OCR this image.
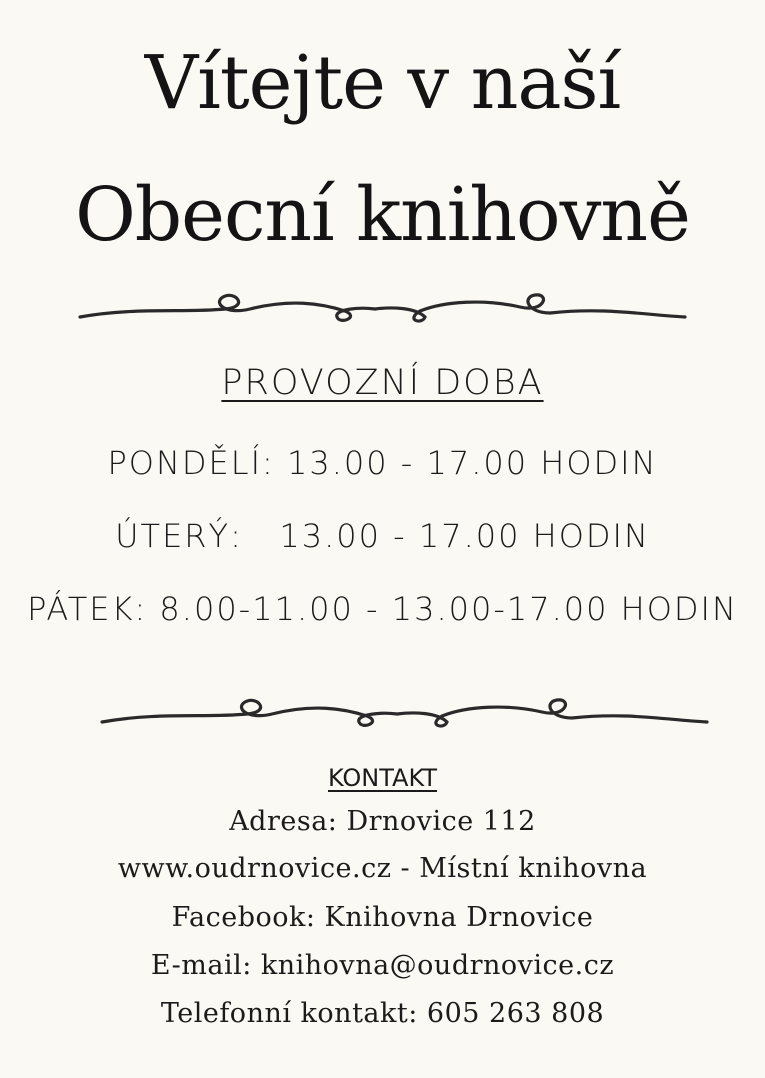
Vítejte v naší
Obecní knihovně
PROVOZNÍ DOBA
PONDĚLÍ: 13.00 - 17.00 HODIN
ÚTERÝ:   13.00 - 17.00 HODIN
PÁTEK: 8.00-11.00 - 13.00-17.00 HODIN
KONTAKT
Adresa: Drnovice 112
www.oudrnovice.cz - Místní knihovna
Facebook: Knihovna Drnovice
E-mail: knihovna@oudrnovice.cz
Telefonní kontakt: 605 263 808
